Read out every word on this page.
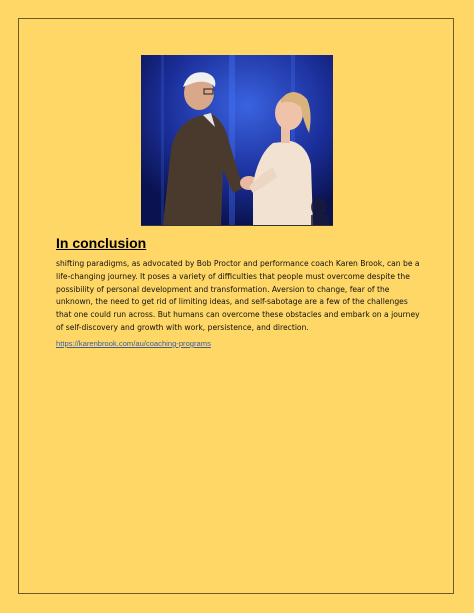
In conclusion

shifting paradigms, as advocated by Bob Proctor and performance coach Karen Brook, can be a life-changing journey. It poses a variety of difficulties that people must overcome despite the possibility of personal development and transformation. Aversion to change, fear of the unknown, the need to get rid of limiting ideas, and self-sabotage are a few of the challenges that one could run across. But humans can overcome these obstacles and embark on a journey of self-discovery and growth with work, persistence, and direction.

https://karenbrook.com/au/coaching-programs
